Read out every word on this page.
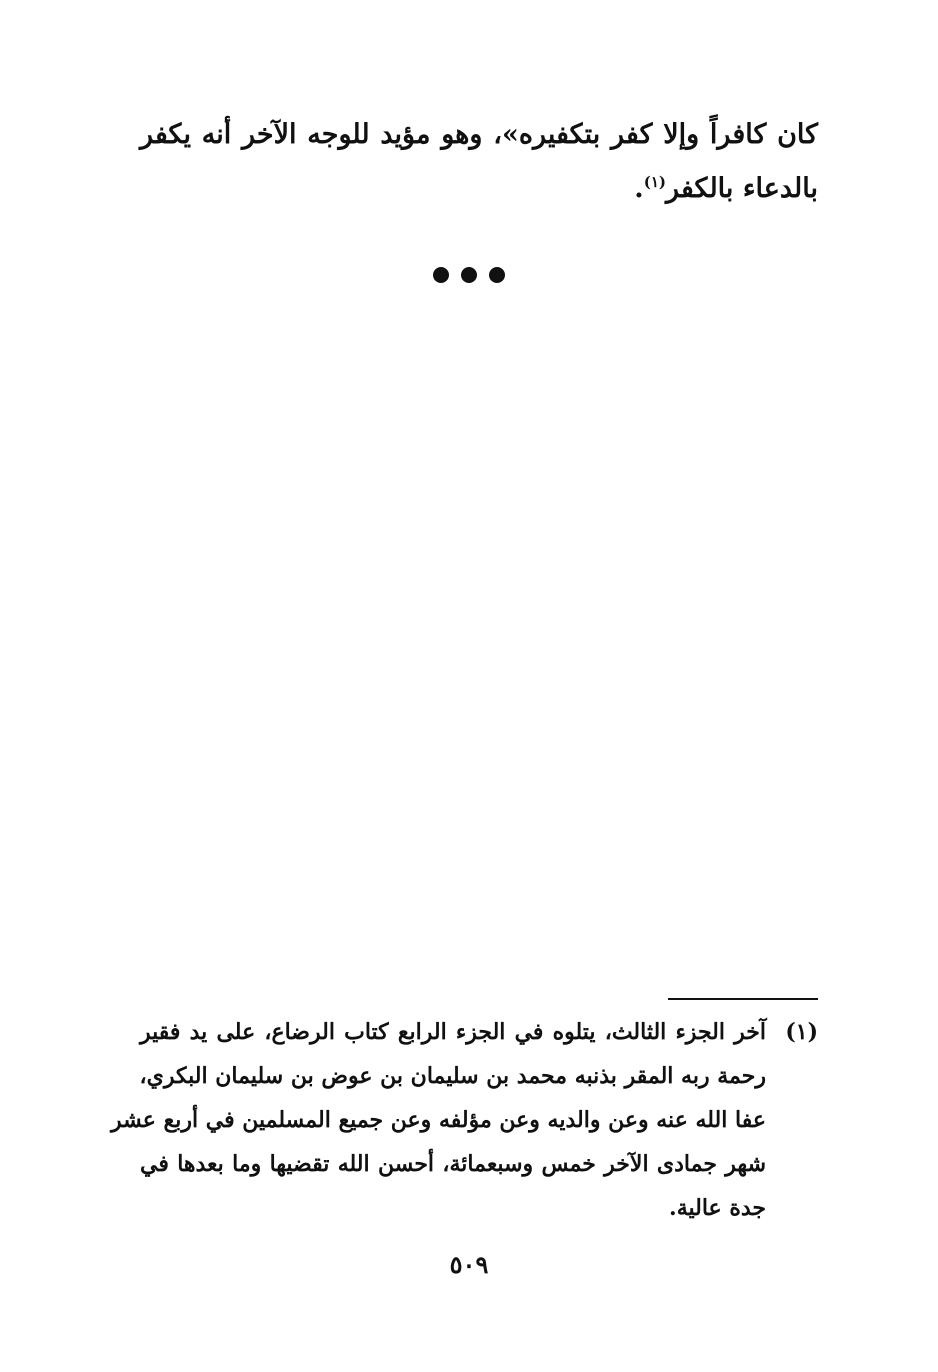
كان كافراً وإلا كفر بتكفيره»، وهو مؤيد للوجه الآخر أنه يكفر
بالدعاء بالكفر$^{(١)}$.
(١)
آخر الجزء الثالث، يتلوه في الجزء الرابع كتاب الرضاع، على يد فقير
رحمة ربه المقر بذنبه محمد بن سليمان بن عوض بن سليمان البكري،
عفا الله عنه وعن والديه وعن مؤلفه وعن جميع المسلمين في أربع عشر
شهر جمادى الآخر خمس وسبعمائة، أحسن الله تقضيها وما بعدها في
جدة عالية.
٥٠٩
